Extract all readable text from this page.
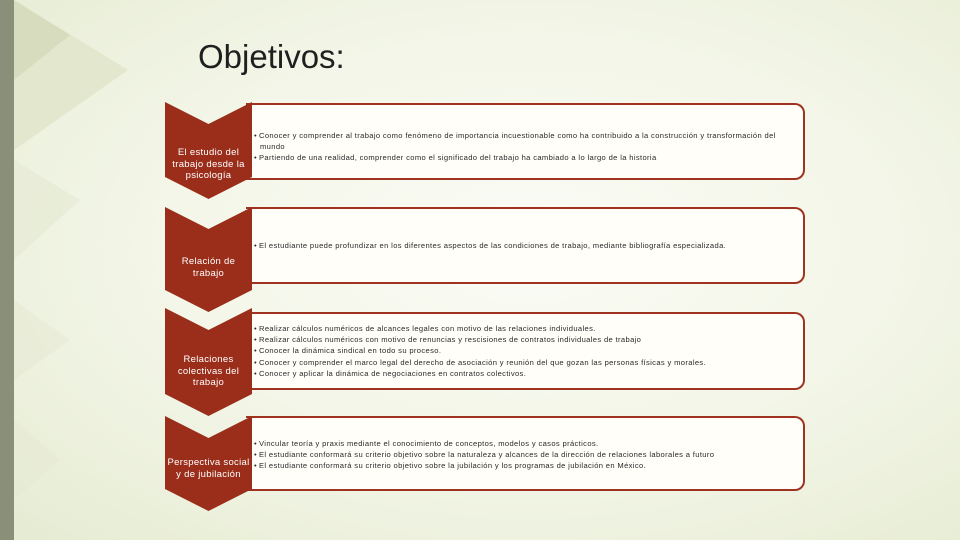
Objetivos:
• Conocer y comprender al trabajo como fenómeno de importancia incuestionable como ha contribuido a la construcción y transformación del mundo
• Partiendo de una realidad, comprender como el significado del trabajo ha cambiado a lo largo de la historia
El estudio del trabajo desde la psicología
• El estudiante puede profundizar en los diferentes aspectos de las condiciones de trabajo, mediante bibliografía especializada.
Relación de trabajo
• Realizar cálculos numéricos de alcances legales con motivo de las relaciones individuales.
• Realizar cálculos numéricos con motivo de renuncias y rescisiones de contratos individuales de trabajo
• Conocer la dinámica sindical en todo su proceso.
• Conocer y comprender el marco legal del derecho de asociación y reunión del que gozan las personas físicas y morales.
• Conocer y aplicar la dinámica de negociaciones en contratos colectivos.
Relaciones colectivas del trabajo
• Vincular teoría y praxis mediante el conocimiento de conceptos, modelos y casos prácticos.
• El estudiante conformará su criterio objetivo sobre la naturaleza y alcances de la dirección de relaciones laborales a futuro
• El estudiante conformará su criterio objetivo sobre la jubilación y los programas de jubilación en México.
Perspectiva social y de jubilación
